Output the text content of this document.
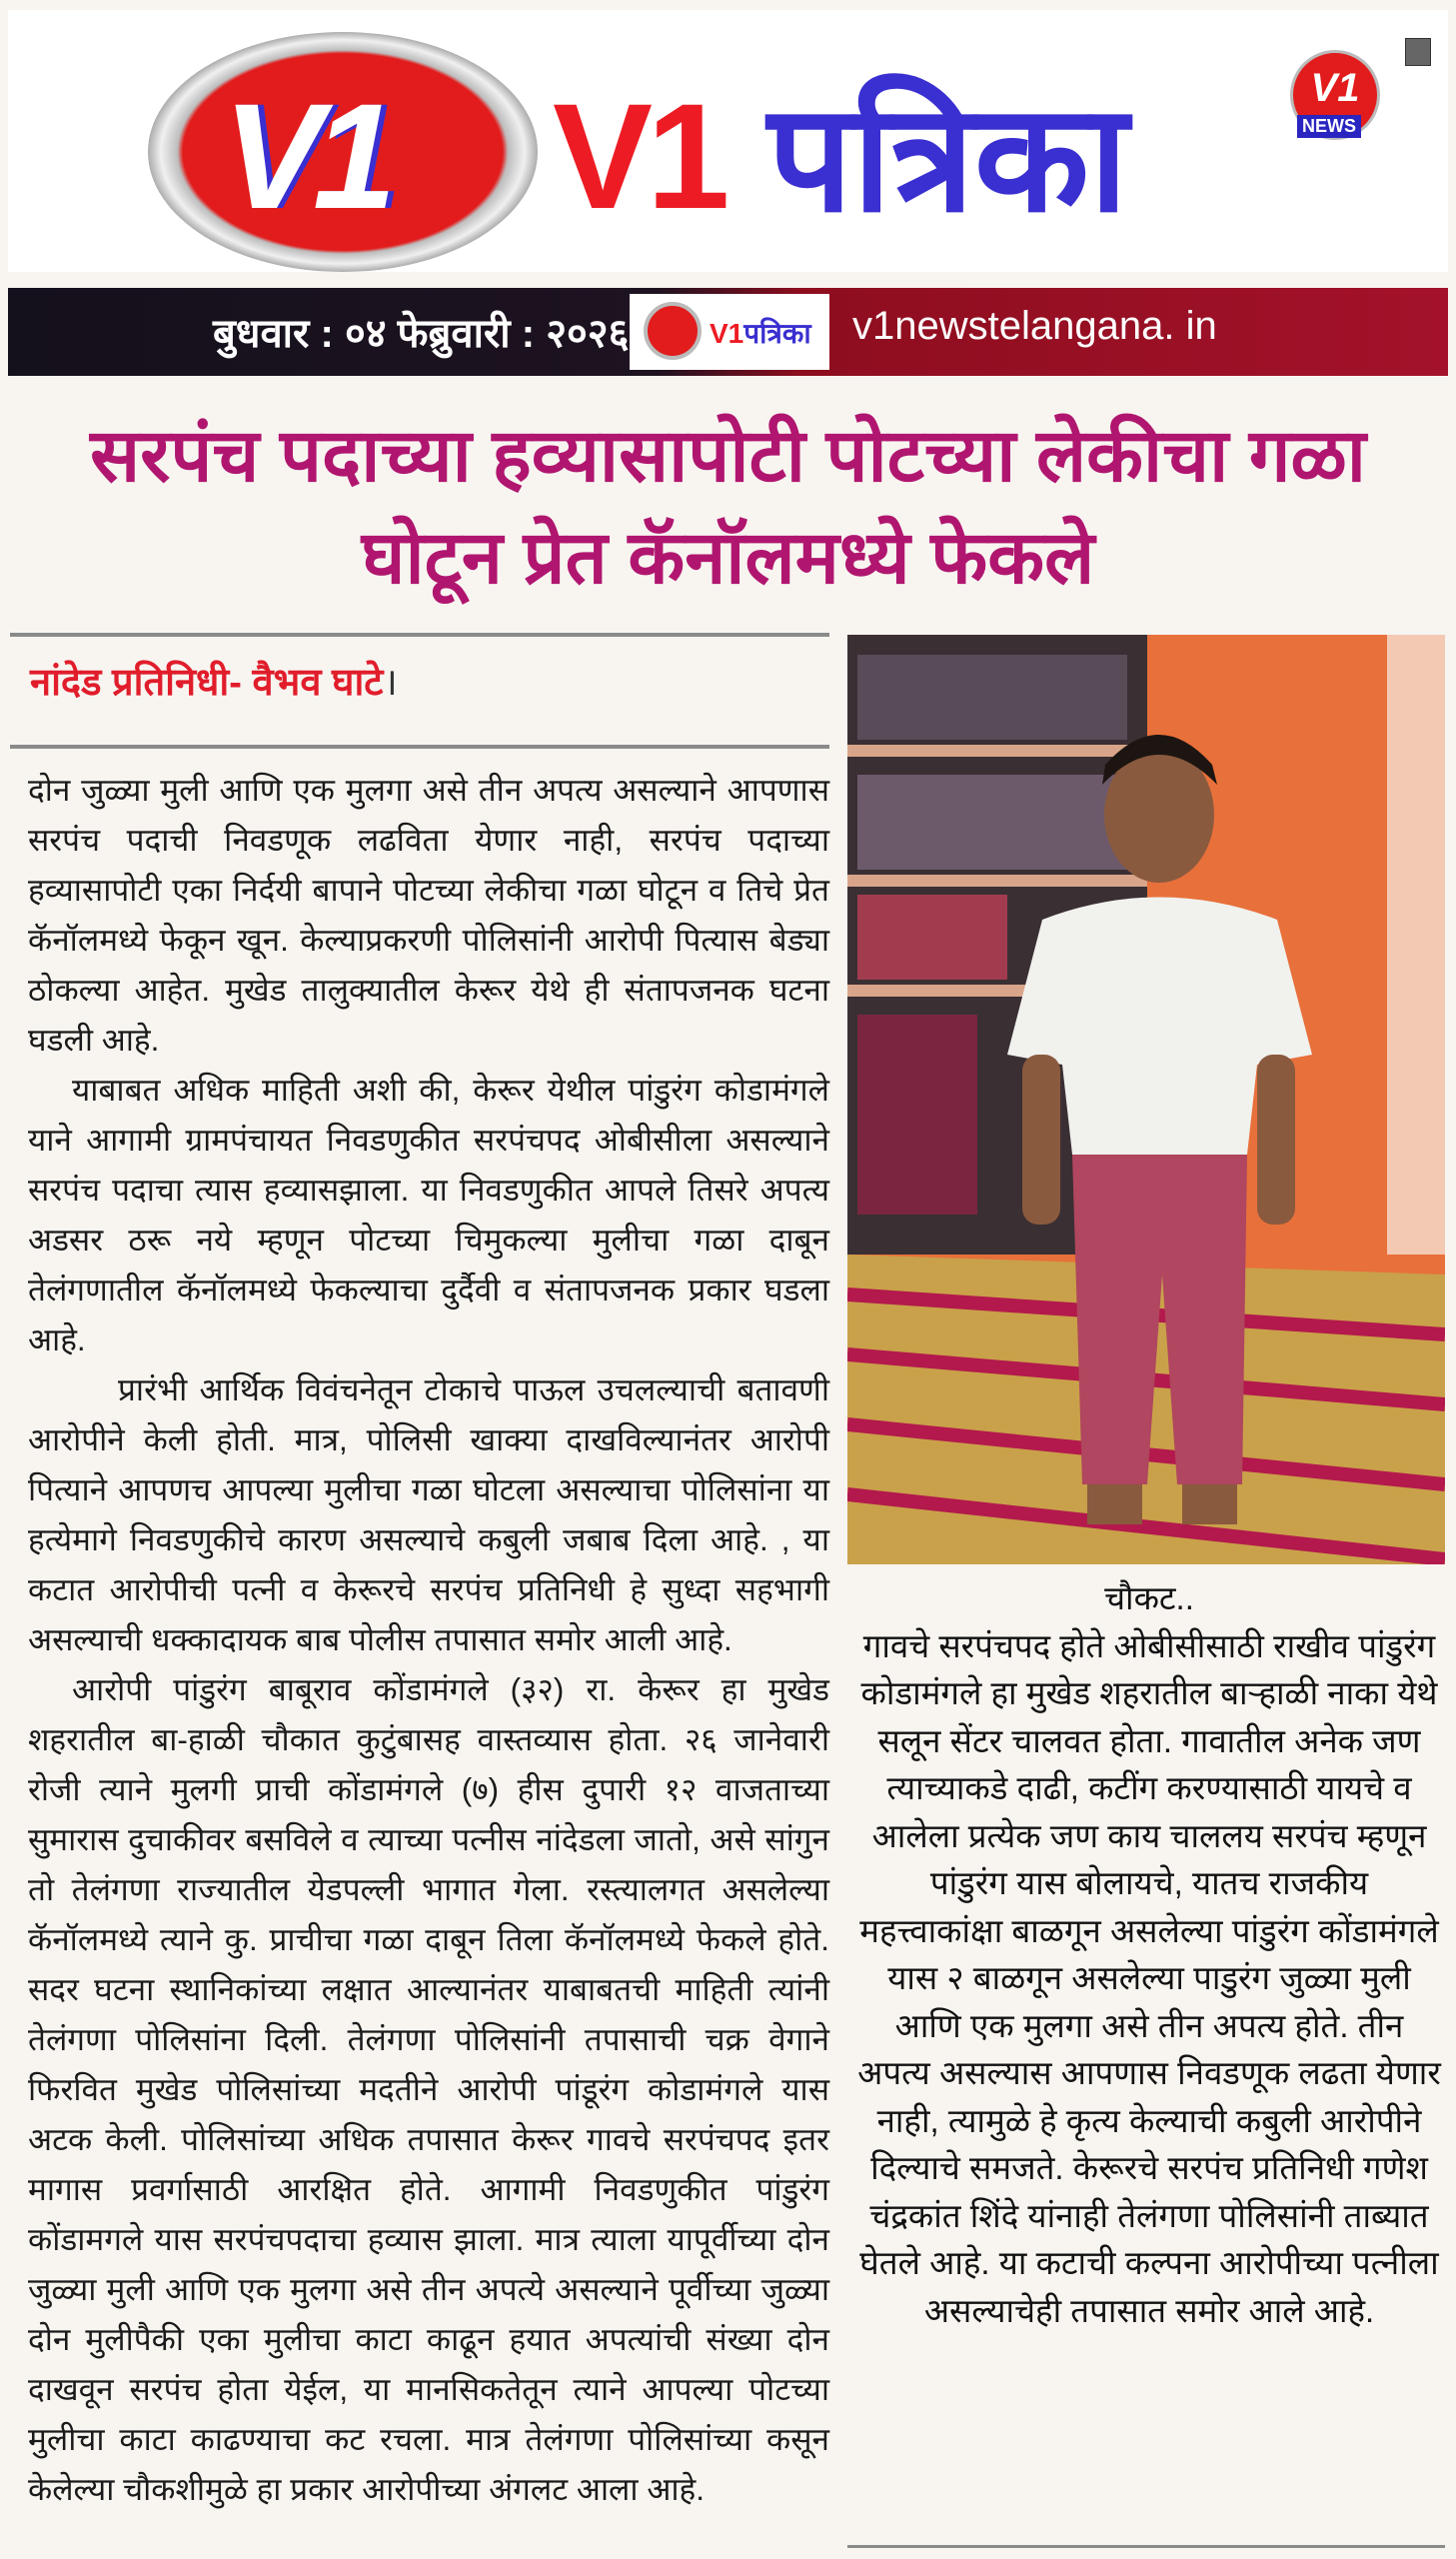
V1 V1 पत्रिका	V1
NEWS
बुधवार : ०४ फेब्रुवारी : २०२६	V1पत्रिका v1newstelangana. in
सरपंच पदाच्या हव्यासापोटी पोटच्या लेकीचा गळा घोटून प्रेत कॅनॉलमध्ये फेकले
नांदेड प्रतिनिधी- वैभव घाटे।

दोन जुळ्या मुली आणि एक मुलगा असे तीन अपत्य असल्याने आपणास सरपंच पदाची निवडणूक लढविता येणार नाही, सरपंच पदाच्या हव्यासापोटी एका निर्दयी बापाने पोटच्या लेकीचा गळा घोटून व तिचे प्रेत कॅनॉलमध्ये फेकून खून. केल्याप्रकरणी पोलिसांनी आरोपी पित्यास बेड्या ठोकल्या आहेत. मुखेड तालुक्यातील केरूर येथे ही संतापजनक घटना घडली आहे.

याबाबत अधिक माहिती अशी की, केरूर येथील पांडुरंग कोडामंगले याने आगामी ग्रामपंचायत निवडणुकीत सरपंचपद ओबीसीला असल्याने सरपंच पदाचा त्यास हव्यासझाला. या निवडणुकीत आपले तिसरे अपत्य अडसर ठरू नये म्हणून पोटच्या चिमुकल्या मुलीचा गळा दाबून तेलंगणातील कॅनॉलमध्ये फेकल्याचा दुर्दैवी व संतापजनक प्रकार घडला आहे.

प्रारंभी आर्थिक विवंचनेतून टोकाचे पाऊल उचलल्याची बतावणी आरोपीने केली होती. मात्र, पोलिसी खाक्या दाखविल्यानंतर आरोपी पित्याने आपणच आपल्या मुलीचा गळा घोटला असल्याचा पोलिसांना या हत्येमागे निवडणुकीचे कारण असल्याचे कबुली जबाब दिला आहे. , या कटात आरोपीची पत्नी व केरूरचे सरपंच प्रतिनिधी हे सुध्दा सहभागी असल्याची धक्कादायक बाब पोलीस तपासात समोर आली आहे.

आरोपी पांडुरंग बाबूराव कोंडामंगले (३२) रा. केरूर हा मुखेड शहरातील बा-हाळी चौकात कुटुंबासह वास्तव्यास होता. २६ जानेवारी रोजी त्याने मुलगी प्राची कोंडामंगले (७) हीस दुपारी १२ वाजताच्या सुमारास दुचाकीवर बसविले व त्याच्या पत्नीस नांदेडला जातो, असे सांगुन तो तेलंगणा राज्यातील येडपल्ली भागात गेला. रस्त्यालगत असलेल्या कॅनॉलमध्ये त्याने कु. प्राचीचा गळा दाबून तिला कॅनॉलमध्ये फेकले होते. सदर घटना स्थानिकांच्या लक्षात आल्यानंतर याबाबतची माहिती त्यांनी तेलंगणा पोलिसांना दिली. तेलंगणा पोलिसांनी तपासाची चक्र वेगाने फिरवित मुखेड पोलिसांच्या मदतीने आरोपी पांडूरंग कोडामंगले यास अटक केली. पोलिसांच्या अधिक तपासात केरूर गावचे सरपंचपद इतर मागास प्रवर्गासाठी आरक्षित होते. आगामी निवडणुकीत पांडुरंग कोंडामगले यास सरपंचपदाचा हव्यास झाला. मात्र त्याला यापूर्वीच्या दोन जुळ्या मुली आणि एक मुलगा असे तीन अपत्ये असल्याने पूर्वीच्या जुळ्या दोन मुलीपैकी एका मुलीचा काटा काढून हयात अपत्यांची संख्या दोन दाखवून सरपंच होता येईल, या मानसिकतेतून त्याने आपल्या पोटच्या मुलीचा काटा काढण्याचा कट रचला. मात्र तेलंगणा पोलिसांच्या कसून केलेल्या चौकशीमुळे हा प्रकार आरोपीच्या अंगलट आला आहे.

चौकट..
गावचे सरपंचपद होते ओबीसीसाठी राखीव पांडुरंग कोडामंगले हा मुखेड शहरातील बाऱ्हाळी नाका येथे सलून सेंटर चालवत होता. गावातील अनेक जण त्याच्याकडे दाढी, कटींग करण्यासाठी यायचे व आलेला प्रत्येक जण काय चाललय सरपंच म्हणून पांडुरंग यास बोलायचे, यातच राजकीय महत्त्वाकांक्षा बाळगून असलेल्या पांडुरंग कोंडामंगले यास २ बाळगून असलेल्या पाडुरंग जुळ्या मुली आणि एक मुलगा असे तीन अपत्य होते. तीन अपत्य असल्यास आपणास निवडणूक लढता येणार नाही, त्यामुळे हे कृत्य केल्याची कबुली आरोपीने दिल्याचे समजते. केरूरचे सरपंच प्रतिनिधी गणेश चंद्रकांत शिंदे यांनाही तेलंगणा पोलिसांनी ताब्यात घेतले आहे. या कटाची कल्पना आरोपीच्या पत्नीला असल्याचेही तपासात समोर आले आहे.
